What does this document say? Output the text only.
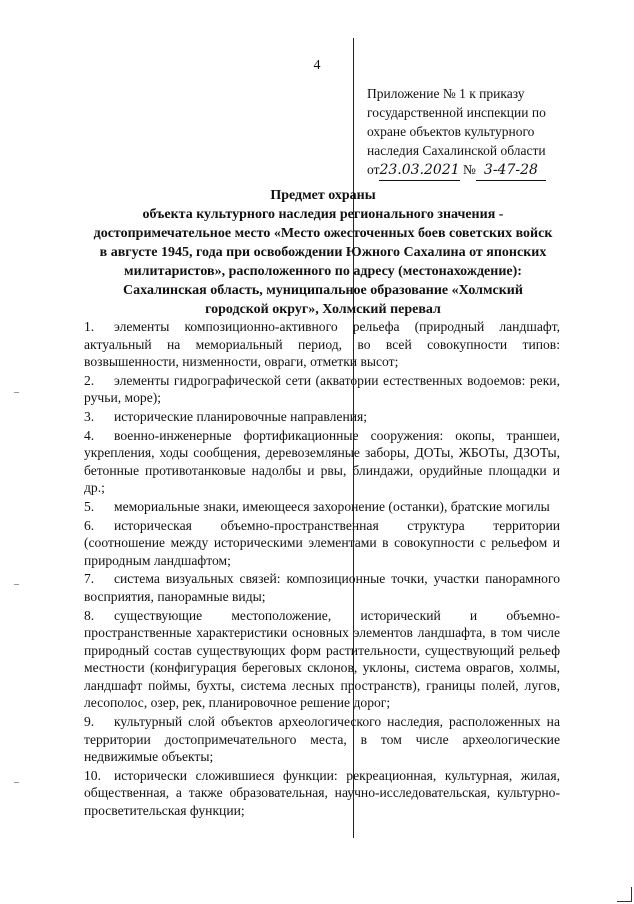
4
Приложение № 1 к приказу
государственной инспекции по
охране объектов культурного
наследия Сахалинской области
от23.03.2021 № 3-47-28
Предмет охраны
объекта культурного наследия регионального значения -
достопримечательное место «Место ожесточенных боев советских войск
в августе 1945, года при освобождении Южного Сахалина от японских
милитаристов», расположенного по адресу (местонахождение):
Сахалинская область, муниципальное образование «Холмский
городской округ», Холмский перевал
1. элементы композиционно-активного рельефа (природный ландшафт, актуальный на мемориальный период, во всей совокупности типов: возвышенности, низменности, овраги, отметки высот;
2. элементы гидрографической сети (акватории естественных водоемов: реки, ручьи, море);
3. исторические планировочные направления;
4. военно-инженерные фортификационные сооружения: окопы, траншеи, укрепления, ходы сообщения, деревоземляные заборы, ДОТы, ЖБОТы, ДЗОТы, бетонные противотанковые надолбы и рвы, блиндажи, орудийные площадки и др.;
5. мемориальные знаки, имеющееся захоронение (останки), братские могилы
6. историческая объемно-пространственная структура территории (соотношение между историческими элементами в совокупности с рельефом и природным ландшафтом;
7. система визуальных связей: композиционные точки, участки панорамного восприятия, панорамные виды;
8. существующие местоположение, исторический и объемно-пространственные характеристики основных элементов ландшафта, в том числе природный состав существующих форм растительности, существующий рельеф местности (конфигурация береговых склонов, уклоны, система оврагов, холмы, ландшафт поймы, бухты, система лесных пространств), границы полей, лугов, лесополос, озер, рек, планировочное решение дорог;
9. культурный слой объектов археологического наследия, расположенных на территории достопримечательного места, в том числе археологические недвижимые объекты;
10. исторически сложившиеся функции: рекреационная, культурная, жилая, общественная, а также образовательная, научно-исследовательская, культурно-просветительская функции;
